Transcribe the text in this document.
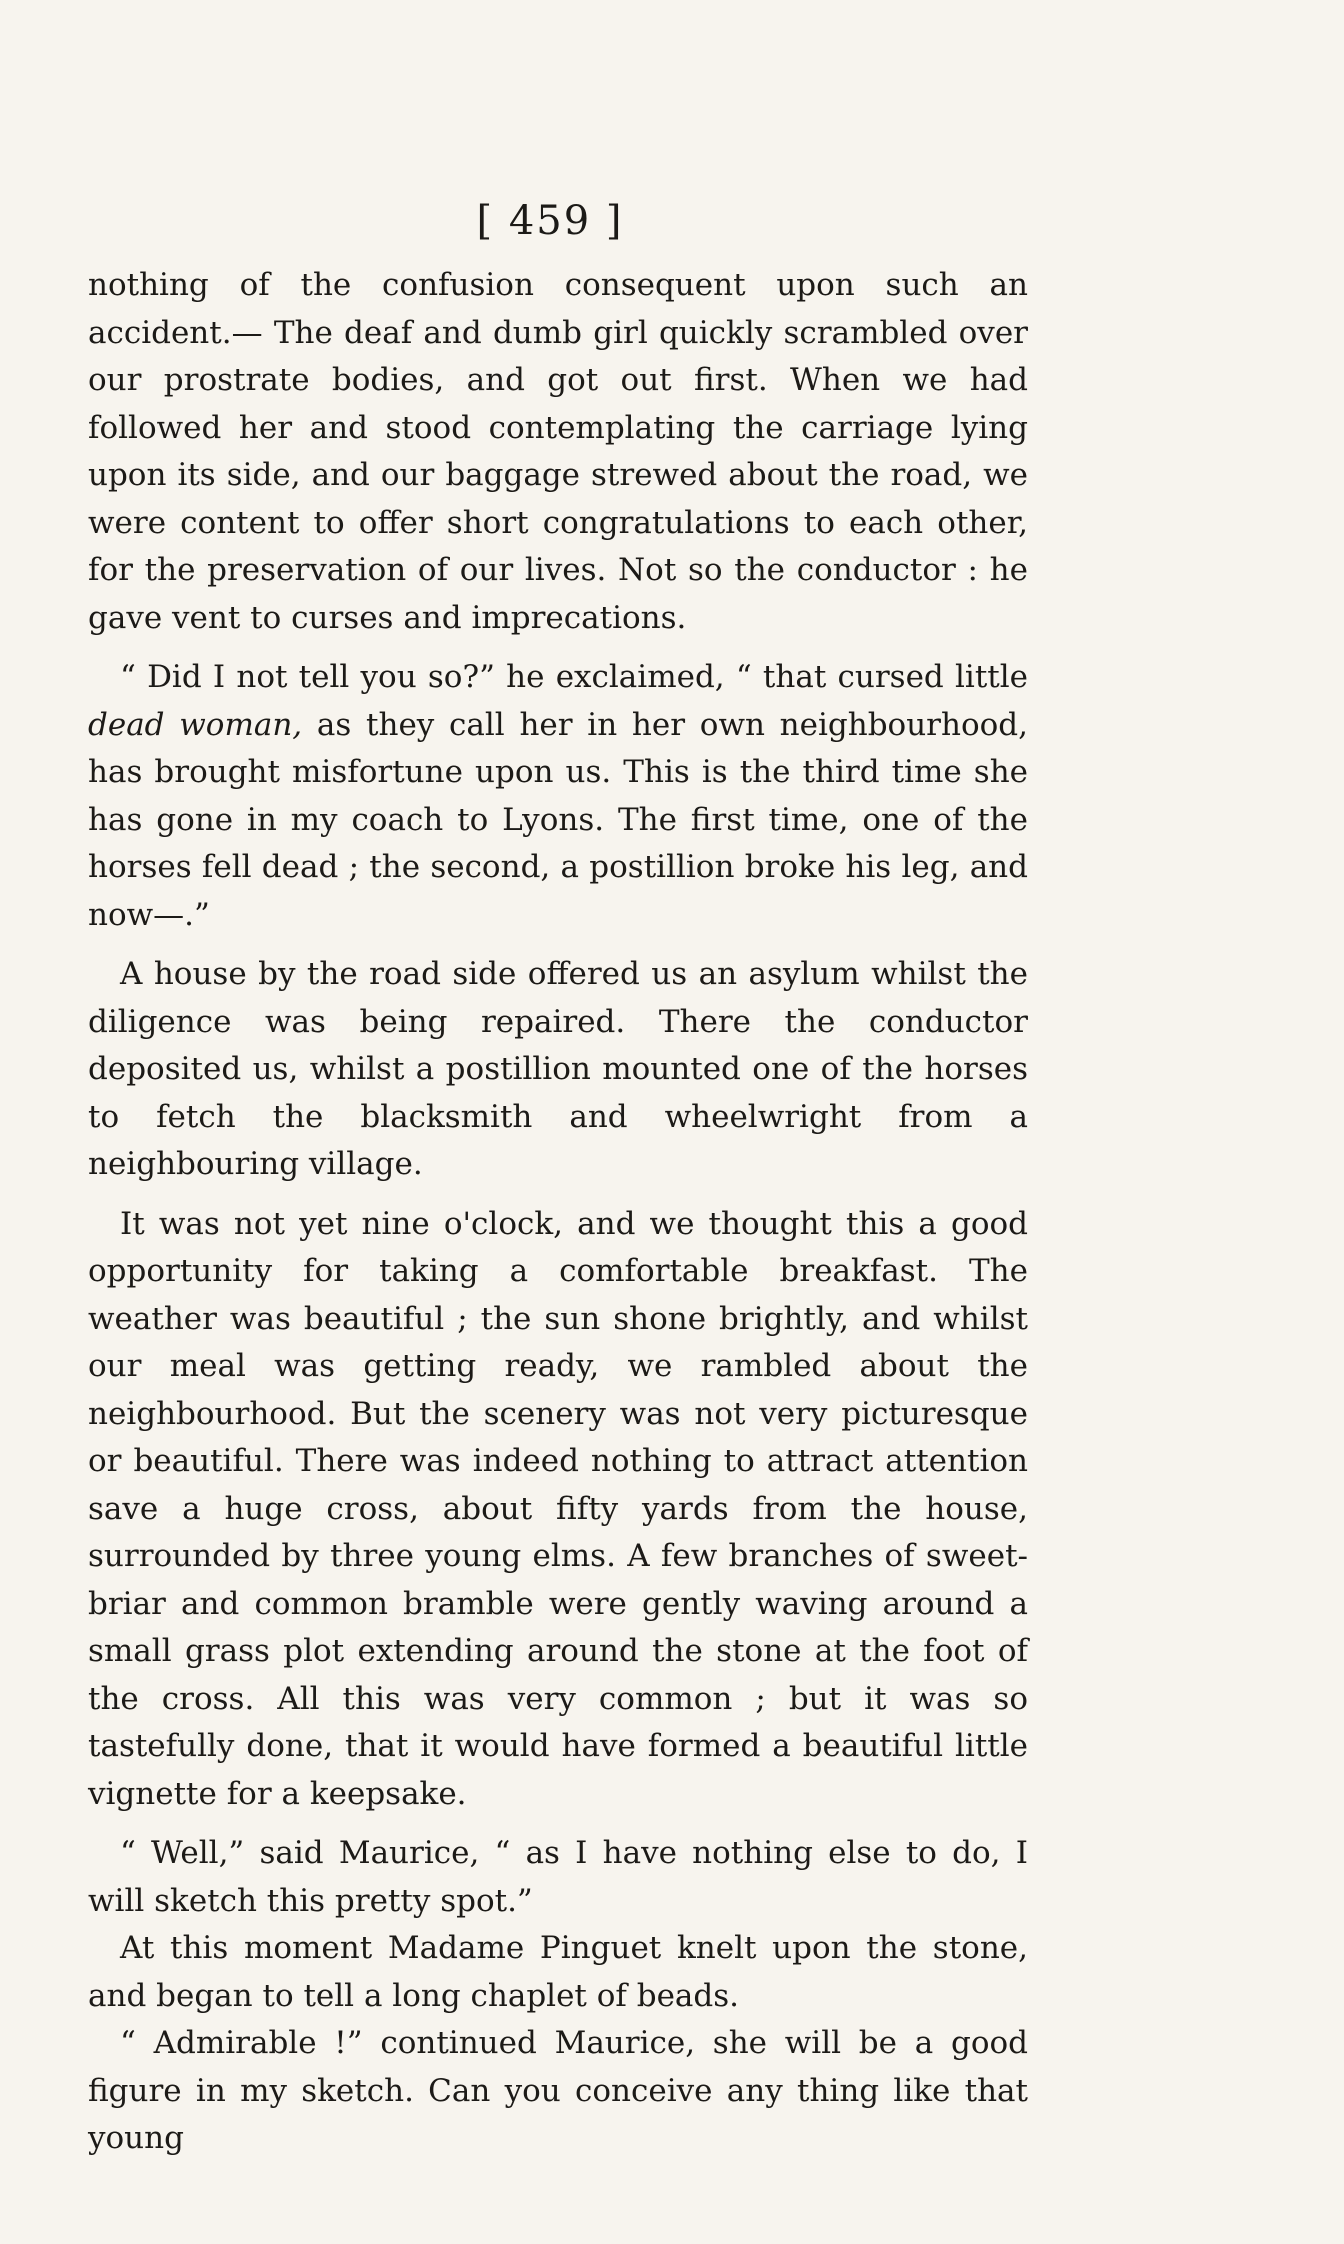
[ 459 ]

nothing of the confusion consequent upon such an accident.— The deaf and dumb girl quickly scrambled over our prostrate bodies, and got out first. When we had followed her and stood contemplating the carriage lying upon its side, and our baggage strewed about the road, we were content to offer short congratulations to each other, for the preservation of our lives. Not so the conductor : he gave vent to curses and imprecations.

“ Did I not tell you so?” he exclaimed, “ that cursed little dead woman, as they call her in her own neighbourhood, has brought misfortune upon us. This is the third time she has gone in my coach to Lyons. The first time, one of the horses fell dead ; the second, a postillion broke his leg, and now—.”

A house by the road side offered us an asylum whilst the diligence was being repaired. There the conductor deposited us, whilst a postillion mounted one of the horses to fetch the blacksmith and wheelwright from a neighbouring village.

It was not yet nine o'clock, and we thought this a good opportunity for taking a comfortable breakfast. The weather was beautiful ; the sun shone brightly, and whilst our meal was getting ready, we rambled about the neighbourhood. But the scenery was not very picturesque or beautiful. There was indeed nothing to attract attention save a huge cross, about fifty yards from the house, surrounded by three young elms. A few branches of sweet-briar and common bramble were gently waving around a small grass plot extending around the stone at the foot of the cross. All this was very common ; but it was so tastefully done, that it would have formed a beautiful little vignette for a keepsake.

“ Well,” said Maurice, “ as I have nothing else to do, I will sketch this pretty spot.”

At this moment Madame Pinguet knelt upon the stone, and began to tell a long chaplet of beads.

“ Admirable !” continued Maurice, she will be a good figure in my sketch. Can you conceive any thing like that young
